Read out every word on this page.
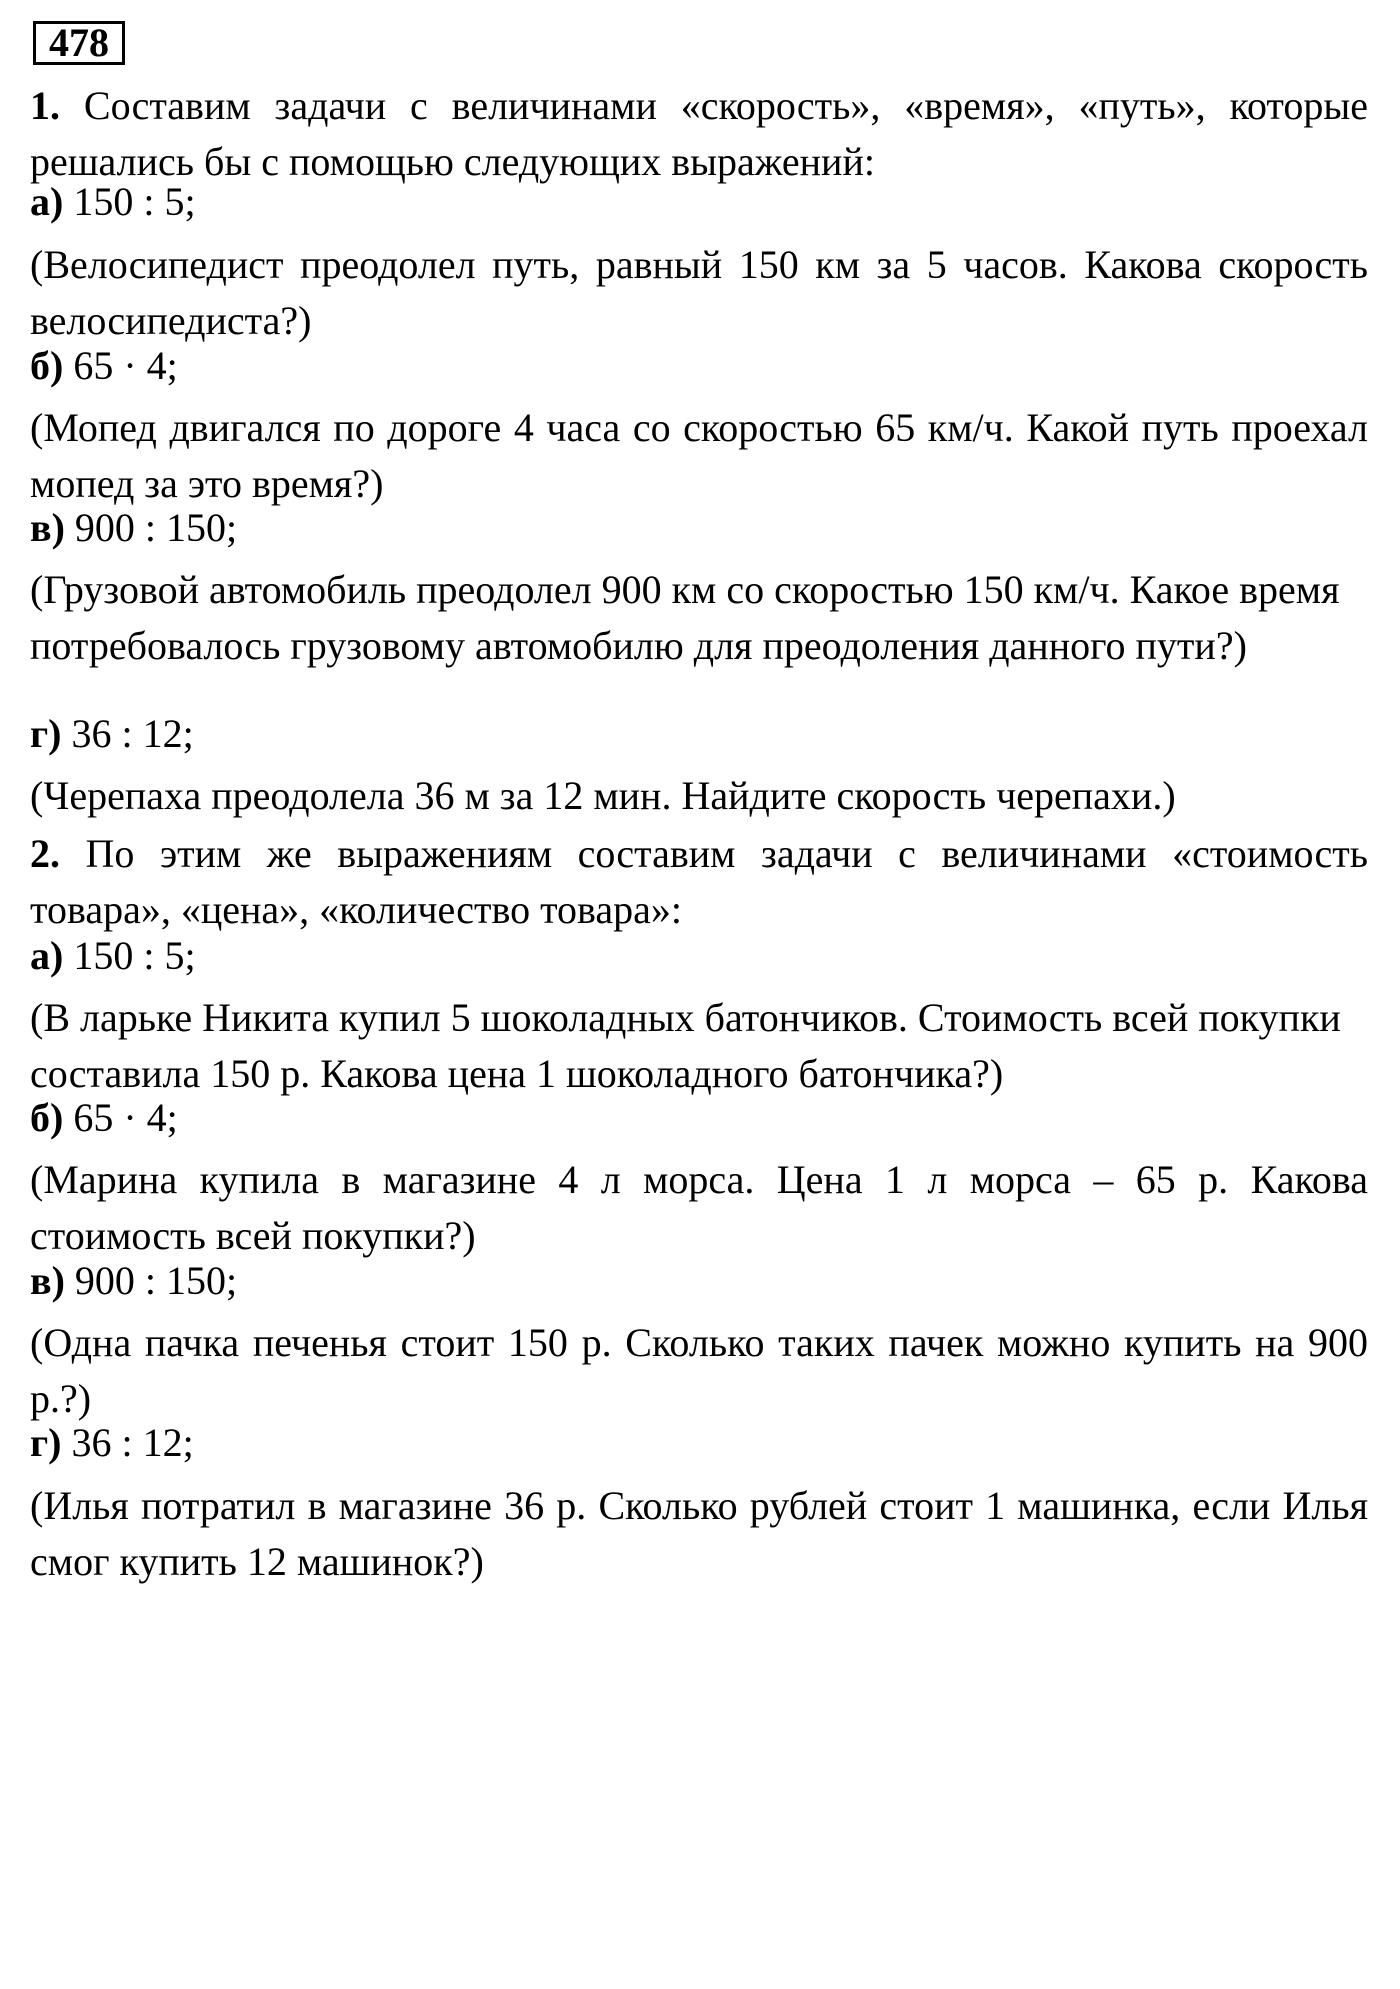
478
1. Составим задачи с величинами «скорость», «время», «путь», которые решались бы с помощью следующих выражений:
а) 150 : 5;
(Велосипедист преодолел путь, равный 150 км за 5 часов. Какова скорость велосипедиста?)
б) 65 · 4;
(Мопед двигался по дороге 4 часа со скоростью 65 км/ч. Какой путь проехал мопед за это время?)
в) 900 : 150;
(Грузовой автомобиль преодолел 900 км со скоростью 150 км/ч. Какое время потребовалось грузовому автомобилю для преодоления данного пути?)
г) 36 : 12;
(Черепаха преодолела 36 м за 12 мин. Найдите скорость черепахи.)
2. По этим же выражениям составим задачи с величинами «стоимость товара», «цена», «количество товара»:
а) 150 : 5;
(В ларьке Никита купил 5 шоколадных батончиков. Стоимость всей покупки составила 150 р. Какова цена 1 шоколадного батончика?)
б) 65 · 4;
(Марина купила в магазине 4 л морса. Цена 1 л морса – 65 р. Какова стоимость всей покупки?)
в) 900 : 150;
(Одна пачка печенья стоит 150 р. Сколько таких пачек можно купить на 900 р.?)
г) 36 : 12;
(Илья потратил в магазине 36 р. Сколько рублей стоит 1 машинка, если Илья смог купить 12 машинок?)
